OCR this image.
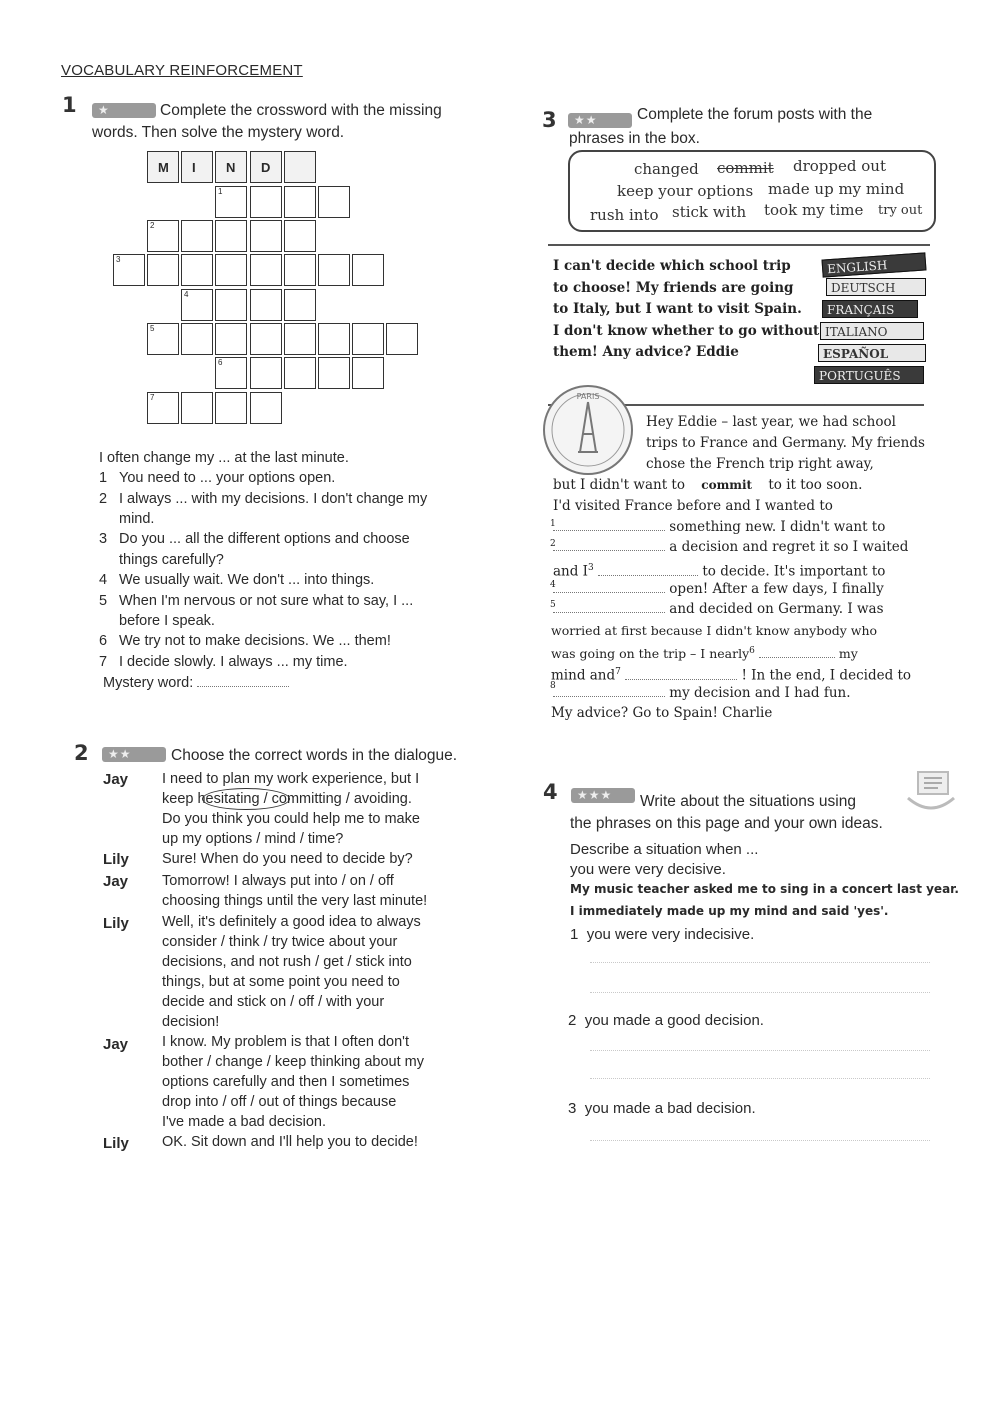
VOCABULARY REINFORCEMENT
1	★	Complete the crossword with the missing
words. Then solve the mystery word.
M I N D
1
2
3
4
5
6
7
I often change my ... at the last minute.
1 You need to ... your options open.
2 I always ... with my decisions. I don't change my
mind.
3 Do you ... all the different options and choose
things carefully?
4 We usually wait. We don't ... into things.
5 When I'm nervous or not sure what to say, I ...
before I speak.
6 We try not to make decisions. We ... them!
7 I decide slowly. I always ... my time.
Mystery word:
2	★★	Choose the correct words in the dialogue.
Jay I need to plan my work experience, but I
keep hesitating / committing / avoiding.
Do you think you could help me to make
up my options / mind / time?
Lily Sure! When do you need to decide by?
Jay Tomorrow! I always put into / on / off
choosing things until the very last minute!
Lily Well, it's definitely a good idea to always
consider / think / try twice about your
decisions, and not rush / get / stick into
things, but at some point you need to
decide and stick on / off / with your
decision!
Jay I know. My problem is that I often don't
bother / change / keep thinking about my
options carefully and then I sometimes
drop into / off / out of things because
I've made a bad decision.
Lily OK. Sit down and I'll help you to decide!
3	★★	Complete the forum posts with the
phrases in the box.
changed commit dropped out
keep your options made up my mind
rush into stick with took my time try out
I can't decide which school trip
to choose! My friends are going
to Italy, but I want to visit Spain.
I don't know whether to go without
them! Any advice? Eddie
ENGLISH
DEUTSCH
FRANÇAIS
ITALIANO
ESPAÑOL
PORTUGUÊS
PARIS
Hey Eddie – last year, we had school
trips to France and Germany. My friends
chose the French trip right away,
but I didn't want to commit to it too soon.
I'd visited France before and I wanted to
1	something new. I didn't want to
2	a decision and regret it so I waited
and $I^3$	to decide. It's important to
4	open! After a few days, I finally
5	and decided on Germany. I was
worried at first because I didn't know anybody who
was going on the trip – I nearly$^6$	my
mind and$^7$	! In the end, I decided to
8	my decision and I had fun.
My advice? Go to Spain! Charlie
4	★★★	Write about the situations using
the phrases on this page and your own ideas.
Describe a situation when ...
you were very decisive.
My music teacher asked me to sing in a concert last year.
I immediately made up my mind and said 'yes'.
1 you were very indecisive.
2 you made a good decision.
3 you made a bad decision.
